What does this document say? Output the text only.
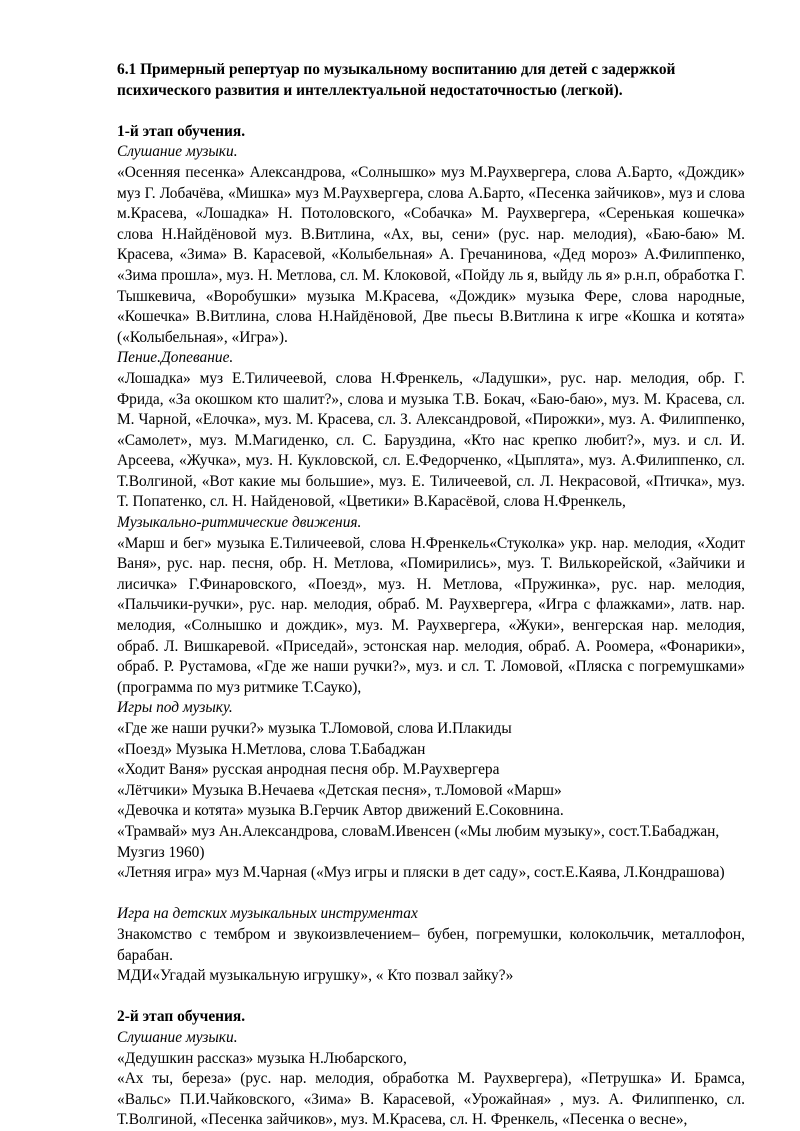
6.1 Примерный репертуар по музыкальному воспитанию для детей с задержкой психического развития и интеллектуальной недостаточностью (легкой).

1-й этап обучения.

Слушание музыки.

«Осенняя песенка» Александрова, «Солнышко» муз М.Раухвергера, слова А.Барто, «Дождик» муз Г. Лобачёва, «Мишка» муз М.Раухвергера, слова А.Барто, «Песенка зайчиков», муз и слова м.Красева, «Лошадка» Н. Потоловского, «Собачка» М. Раухвергера, «Серенькая кошечка» слова Н.Найдёновой муз. В.Витлина, «Ах, вы, сени» (рус. нар. мелодия), «Баю-баю» М. Красева, «Зима» В. Карасевой, «Колыбельная» А. Гречанинова, «Дед мороз» А.Филиппенко, «Зима прошла», муз. Н. Метлова, сл. М. Клоковой, «Пойду ль я, выйду ль я» р.н.п, обработка Г. Тышкевича, «Воробушки» музыка М.Красева, «Дождик» музыка Фере, слова народные, «Кошечка» В.Витлина, слова Н.Найдёновой, Две пьесы В.Витлина к игре «Кошка и котята» («Колыбельная», «Игра»).

Пение.Допевание.

«Лошадка» муз Е.Тиличеевой, слова Н.Френкель, «Ладушки», рус. нар. мелодия, обр. Г. Фрида, «За окошком кто шалит?», слова и музыка Т.В. Бокач, «Баю-баю», муз. М. Красева, сл. М. Чарной, «Елочка», муз. М. Красева, сл. З. Александровой, «Пирожки», муз. А. Филиппенко, «Самолет», муз. М.Магиденко, сл. С. Баруздина, «Кто нас крепко любит?», муз. и сл. И. Арсеева, «Жучка», муз. Н. Кукловской, сл. Е.Федорченко, «Цыплята», муз. А.Филиппенко, сл. Т.Волгиной, «Вот какие мы большие», муз. Е. Тиличеевой, сл. Л. Некрасовой, «Птичка», муз. Т. Попатенко, сл. Н. Найденовой, «Цветики» В.Карасёвой, слова Н.Френкель,

Музыкально-ритмические движения.

«Марш и бег» музыка Е.Тиличеевой, слова Н.Френкель«Стуколка» укр. нар. мелодия, «Ходит Ваня», рус. нар. песня, обр. Н. Метлова, «Помирились», муз. Т. Вилькорейской, «Зайчики и лисичка» Г.Финаровского, «Поезд», муз. Н. Метлова, «Пружинка», рус. нар. мелодия, «Пальчики-ручки», рус. нар. мелодия, обраб. М. Раухвергера, «Игра с флажками», латв. нар. мелодия, «Солнышко и дождик», муз. М. Раухвергера, «Жуки», венгерская нар. мелодия, обраб. Л. Вишкаревой. «Приседай», эстонская нар. мелодия, обраб. А. Роомера, «Фонарики», обраб. Р. Рустамова, «Где же наши ручки?», муз. и сл. Т. Ломовой, «Пляска с погремушками» (программа по муз ритмике Т.Сауко),

Игры под музыку.

«Где же наши ручки?» музыка Т.Ломовой, слова И.Плакиды

«Поезд» Музыка Н.Метлова, слова Т.Бабаджан

«Ходит Ваня» русская анродная песня обр. М.Раухвергера

«Лётчики» Музыка В.Нечаева «Детская песня», т.Ломовой «Марш»

«Девочка и котята» музыка В.Герчик Автор движений Е.Соковнина.

«Трамвай» муз Ан.Александрова, словаМ.Ивенсен («Мы любим музыку», сост.Т.Бабаджан, Музгиз 1960)

«Летняя игра» муз М.Чарная («Муз игры и пляски в дет саду», сост.Е.Каява, Л.Кондрашова)

Игра на детских музыкальных инструментах

Знакомство с тембром и звукоизвлечением– бубен, погремушки, колокольчик, металлофон, барабан.

МДИ«Угадай музыкальную игрушку», « Кто позвал зайку?»

2-й этап обучения.

Слушание музыки.

«Дедушкин рассказ» музыка Н.Любарского,

«Ах ты, береза» (рус. нар. мелодия, обработка М. Раухвергера), «Петрушка» И. Брамса, «Вальс» П.И.Чайковского, «Зима» В. Карасевой, «Урожайная» , муз. А. Филиппенко, сл. Т.Волгиной, «Песенка зайчиков», муз. М.Красева, сл. Н. Френкель, «Песенка о весне»,
